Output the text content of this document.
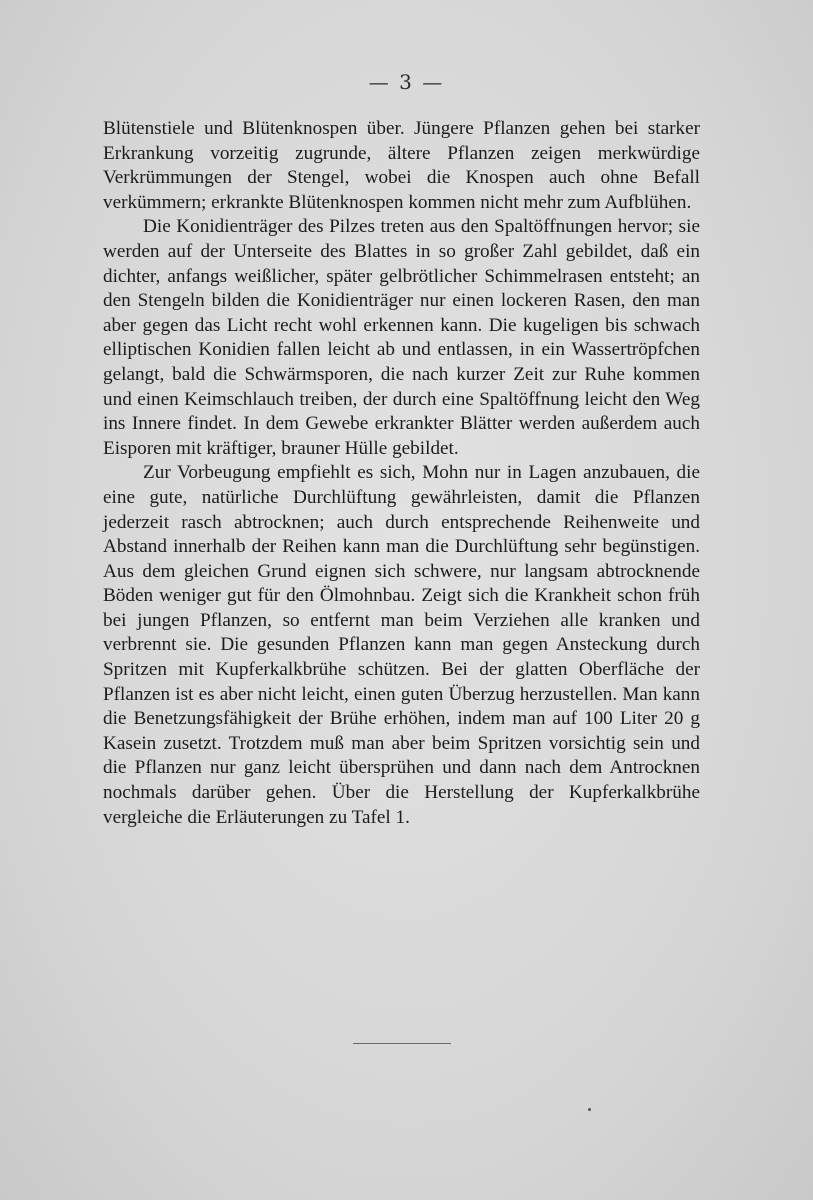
— 3 —

Blütenstiele und Blütenknospen über. Jüngere Pflanzen gehen bei starker Erkrankung vorzeitig zugrunde, ältere Pflanzen zeigen merkwürdige Verkrümmungen der Stengel, wobei die Knospen auch ohne Befall verkümmern; erkrankte Blütenknospen kommen nicht mehr zum Aufblühen.

Die Konidienträger des Pilzes treten aus den Spaltöffnungen hervor; sie werden auf der Unterseite des Blattes in so großer Zahl gebildet, daß ein dichter, anfangs weißlicher, später gelbrötlicher Schimmelrasen entsteht; an den Stengeln bilden die Konidienträger nur einen lockeren Rasen, den man aber gegen das Licht recht wohl erkennen kann. Die kugeligen bis schwach elliptischen Konidien fallen leicht ab und entlassen, in ein Wassertröpfchen gelangt, bald die Schwärmsporen, die nach kurzer Zeit zur Ruhe kommen und einen Keimschlauch treiben, der durch eine Spaltöffnung leicht den Weg ins Innere findet. In dem Gewebe erkrankter Blätter werden außerdem auch Eisporen mit kräftiger, brauner Hülle gebildet.

Zur Vorbeugung empfiehlt es sich, Mohn nur in Lagen anzubauen, die eine gute, natürliche Durchlüftung gewährleisten, damit die Pflanzen jederzeit rasch abtrocknen; auch durch entsprechende Reihenweite und Abstand innerhalb der Reihen kann man die Durchlüftung sehr begünstigen. Aus dem gleichen Grund eignen sich schwere, nur langsam abtrocknende Böden weniger gut für den Ölmohnbau. Zeigt sich die Krankheit schon früh bei jungen Pflanzen, so entfernt man beim Verziehen alle kranken und verbrennt sie. Die gesunden Pflanzen kann man gegen Ansteckung durch Spritzen mit Kupferkalkbrühe schützen. Bei der glatten Oberfläche der Pflanzen ist es aber nicht leicht, einen guten Überzug herzustellen. Man kann die Benetzungsfähigkeit der Brühe erhöhen, indem man auf 100 Liter 20 g Kasein zusetzt. Trotzdem muß man aber beim Spritzen vorsichtig sein und die Pflanzen nur ganz leicht übersprühen und dann nach dem Antrocknen nochmals darüber gehen. Über die Herstellung der Kupferkalkbrühe vergleiche die Erläuterungen zu Tafel 1.
